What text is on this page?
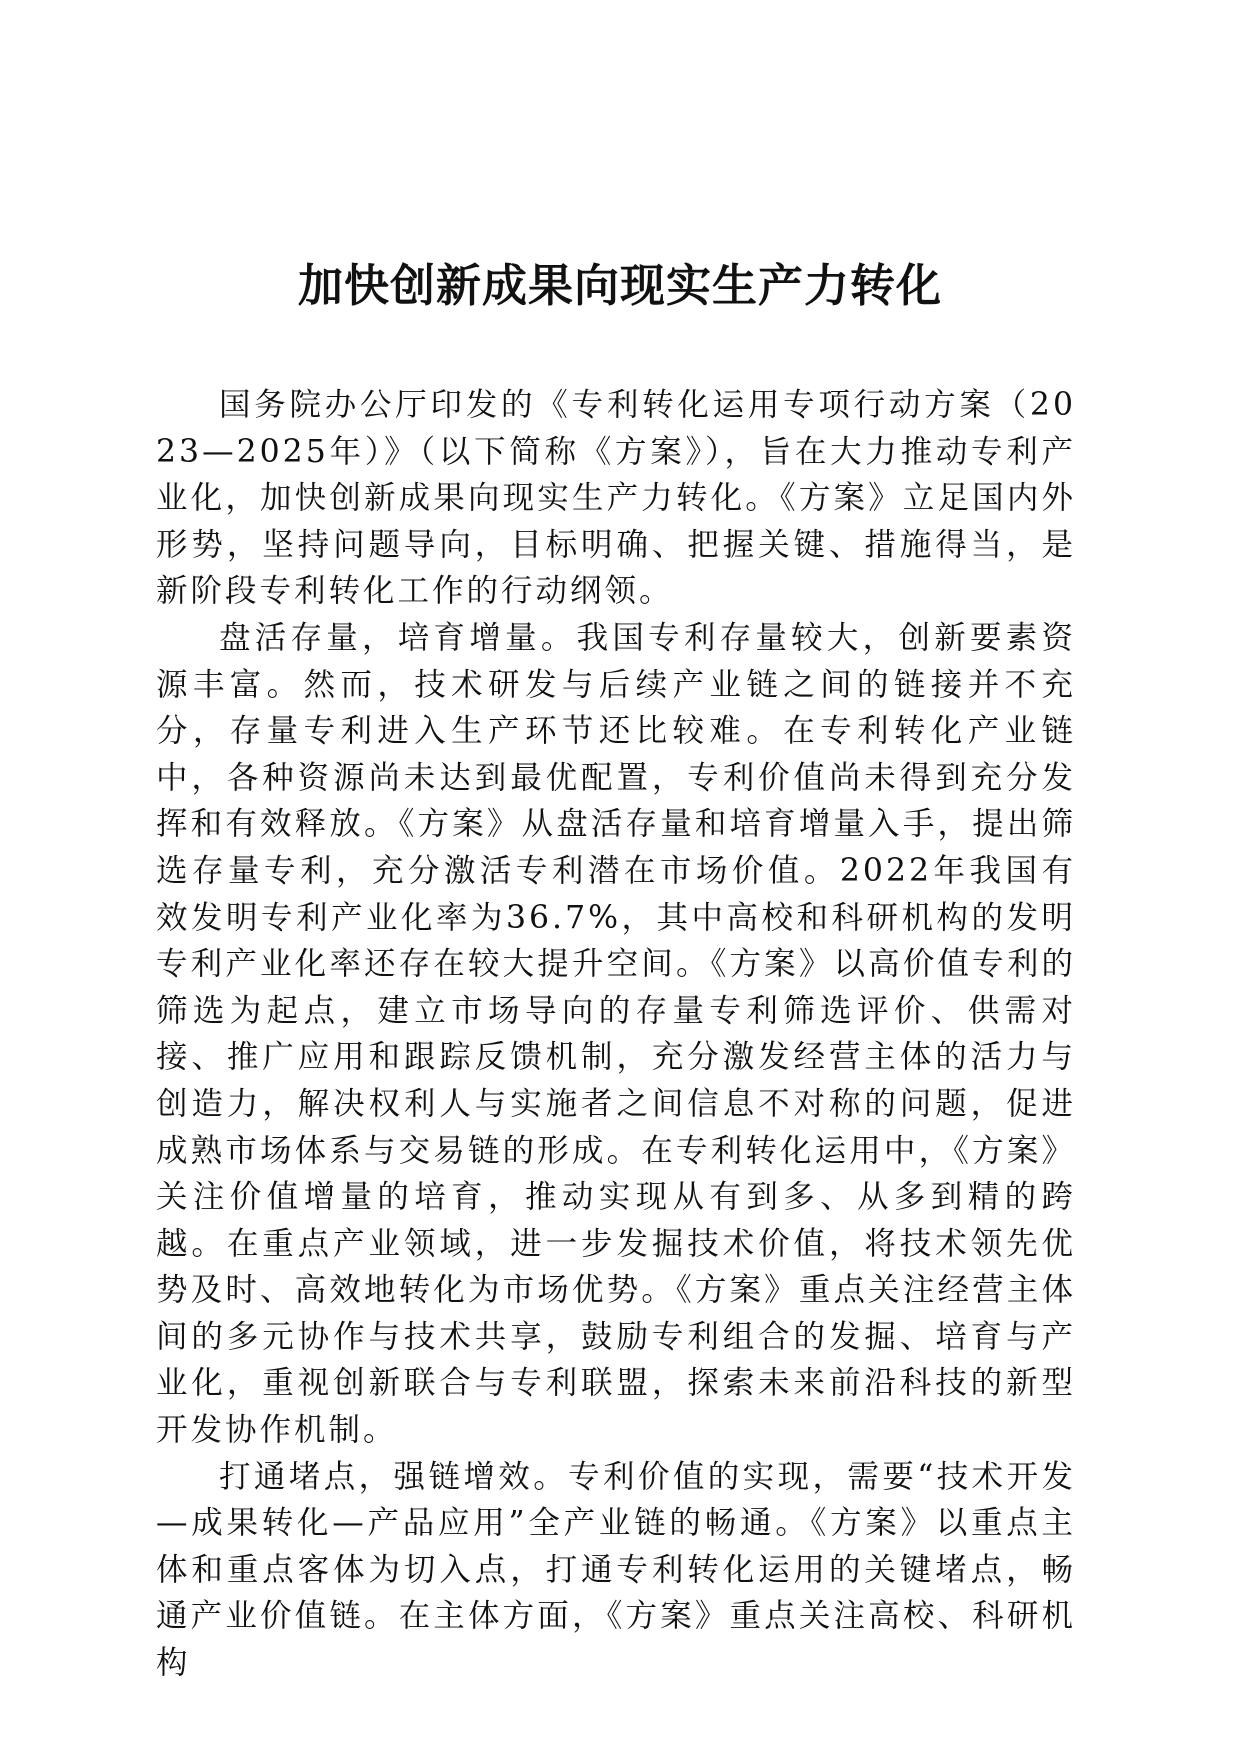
加快创新成果向现实生产力转化

国务院办公厅印发的《专利转化运用专项行动方案（2023—2025年）》（以下简称《方案》），旨在大力推动专利产业化，加快创新成果向现实生产力转化。《方案》立足国内外形势，坚持问题导向，目标明确、把握关键、措施得当，是新阶段专利转化工作的行动纲领。

盘活存量，培育增量。我国专利存量较大，创新要素资源丰富。然而，技术研发与后续产业链之间的链接并不充分，存量专利进入生产环节还比较难。在专利转化产业链中，各种资源尚未达到最优配置，专利价值尚未得到充分发挥和有效释放。《方案》从盘活存量和培育增量入手，提出筛选存量专利，充分激活专利潜在市场价值。2022年我国有效发明专利产业化率为36.7%，其中高校和科研机构的发明专利产业化率还存在较大提升空间。《方案》以高价值专利的筛选为起点，建立市场导向的存量专利筛选评价、供需对接、推广应用和跟踪反馈机制，充分激发经营主体的活力与创造力，解决权利人与实施者之间信息不对称的问题，促进成熟市场体系与交易链的形成。在专利转化运用中，《方案》关注价值增量的培育，推动实现从有到多、从多到精的跨越。在重点产业领域，进一步发掘技术价值，将技术领先优势及时、高效地转化为市场优势。《方案》重点关注经营主体间的多元协作与技术共享，鼓励专利组合的发掘、培育与产业化，重视创新联合与专利联盟，探索未来前沿科技的新型开发协作机制。

打通堵点，强链增效。专利价值的实现，需要“技术开发—成果转化—产品应用”全产业链的畅通。《方案》以重点主体和重点客体为切入点，打通专利转化运用的关键堵点，畅通产业价值链。在主体方面，《方案》重点关注高校、科研机构
